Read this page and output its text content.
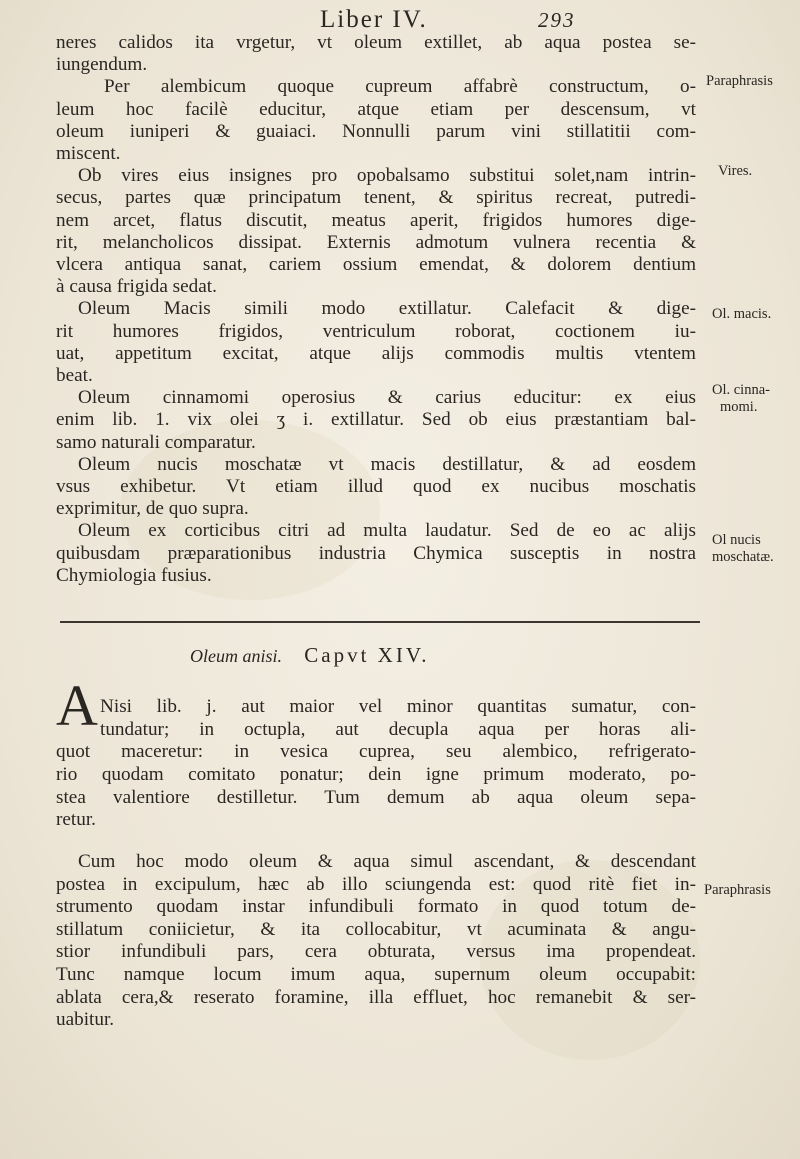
Liber IV.	293

neres calidos ita vrgetur, vt oleum extillet, ab aqua postea se-
iungendum.

Per alembicum quoque cupreum affabrè constructum, o-
leum hoc facilè educitur, atque etiam per descensum, vt
oleum iuniperi & guaiaci. Nonnulli parum vini stillatitii com-
miscent.

Ob vires eius insignes pro opobalsamo substitui solet,nam intrin-
secus, partes quæ principatum tenent, & spiritus recreat, putredi-
nem arcet, flatus discutit, meatus aperit, frigidos humores dige-
rit, melancholicos dissipat. Externis admotum vulnera recentia &
vlcera antiqua sanat, cariem ossium emendat, & dolorem dentium
à causa frigida sedat.

Oleum Macis simili modo extillatur. Calefacit & dige-
rit humores frigidos, ventriculum roborat, coctionem iu-
uat, appetitum excitat, atque alijs commodis multis vtentem
beat.

Oleum cinnamomi operosius & carius educitur: ex eius
enim lib. 1. vix olei ʒ i. extillatur. Sed ob eius præstantiam bal-
samo naturali comparatur.

Oleum nucis moschatæ vt macis destillatur, & ad eosdem
vsus exhibetur. Vt etiam illud quod ex nucibus moschatis
exprimitur, de quo supra.

Oleum ex corticibus citri ad multa laudatur. Sed de eo ac alijs
quibusdam præparationibus industria Chymica susceptis in nostra
Chymiologia fusius.

Paraphrasis
Vires.
Ol. macis.
Ol. cinna-
momi.
Ol nucis
moschatæ.
Oleum anisi. Capvt XIV.
A Nisi lib. j. aut maior vel minor quantitas sumatur, con-
tundatur; in octupla, aut decupla aqua per horas ali-
quot maceretur: in vesica cuprea, seu alembico, refrigerato-
rio quodam comitato ponatur; dein igne primum moderato, po-
stea valentiore destilletur. Tum demum ab aqua oleum sepa-
retur.

Cum hoc modo oleum & aqua simul ascendant, & descendant
postea in excipulum, hæc ab illo sciungenda est: quod ritè fiet in-
strumento quodam instar infundibuli formato in quod totum de-
stillatum coniicietur, & ita collocabitur, vt acuminata & angu-
stior infundibuli pars, cera obturata, versus ima propendeat.
Tunc namque locum imum aqua, supernum oleum occupabit:
ablata cera,& reserato foramine, illa effluet, hoc remanebit & ser-
uabitur.

Paraphrasis
